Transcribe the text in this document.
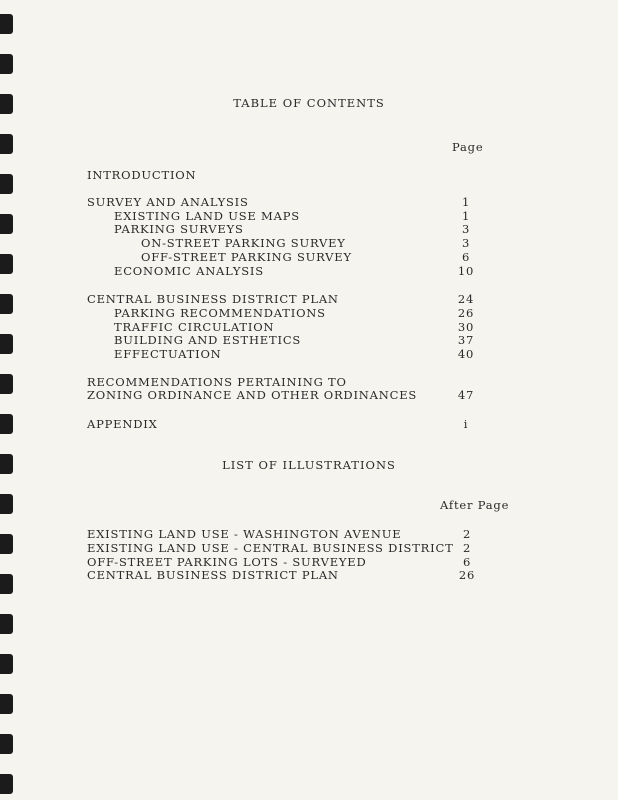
TABLE OF CONTENTS
Page
INTRODUCTION
SURVEY AND ANALYSIS	1
EXISTING LAND USE MAPS	1
PARKING SURVEYS	3
ON-STREET PARKING SURVEY	3
OFF-STREET PARKING SURVEY	6
ECONOMIC ANALYSIS	10
CENTRAL BUSINESS DISTRICT PLAN	24
PARKING RECOMMENDATIONS	26
TRAFFIC CIRCULATION	30
BUILDING AND ESTHETICS	37
EFFECTUATION	40
RECOMMENDATIONS PERTAINING TO
ZONING ORDINANCE AND OTHER ORDINANCES	47
APPENDIX	i
LIST OF ILLUSTRATIONS
After Page
EXISTING LAND USE - WASHINGTON AVENUE	2
EXISTING LAND USE - CENTRAL BUSINESS DISTRICT 2
OFF-STREET PARKING LOTS - SURVEYED	6
CENTRAL BUSINESS DISTRICT PLAN	26
